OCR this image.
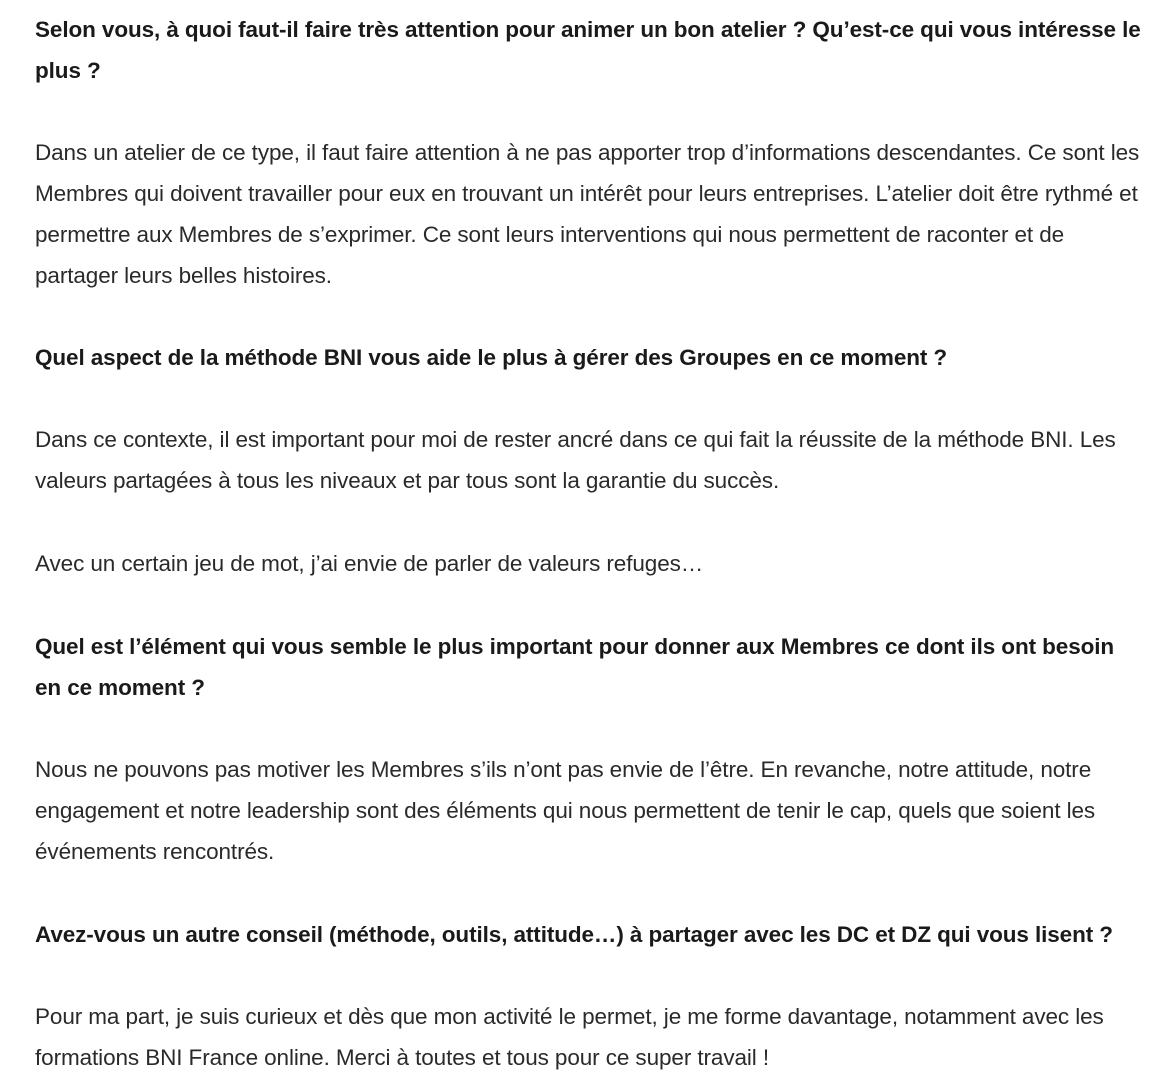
Selon vous, à quoi faut-il faire très attention pour animer un bon atelier ? Qu’est-ce qui vous intéresse le plus ?

Dans un atelier de ce type, il faut faire attention à ne pas apporter trop d’informations descendantes. Ce sont les Membres qui doivent travailler pour eux en trouvant un intérêt pour leurs entreprises. L’atelier doit être rythmé et permettre aux Membres de s’exprimer. Ce sont leurs interventions qui nous permettent de raconter et de partager leurs belles histoires.

Quel aspect de la méthode BNI vous aide le plus à gérer des Groupes en ce moment ?

Dans ce contexte, il est important pour moi de rester ancré dans ce qui fait la réussite de la méthode BNI. Les valeurs partagées à tous les niveaux et par tous sont la garantie du succès.

Avec un certain jeu de mot, j’ai envie de parler de valeurs refuges…

Quel est l’élément qui vous semble le plus important pour donner aux Membres ce dont ils ont besoin en ce moment ?

Nous ne pouvons pas motiver les Membres s’ils n’ont pas envie de l’être. En revanche, notre attitude, notre engagement et notre leadership sont des éléments qui nous permettent de tenir le cap, quels que soient les événements rencontrés.

Avez-vous un autre conseil (méthode, outils, attitude…) à partager avec les DC et DZ qui vous lisent ?

Pour ma part, je suis curieux et dès que mon activité le permet, je me forme davantage, notamment avec les formations BNI France online. Merci à toutes et tous pour ce super travail !
